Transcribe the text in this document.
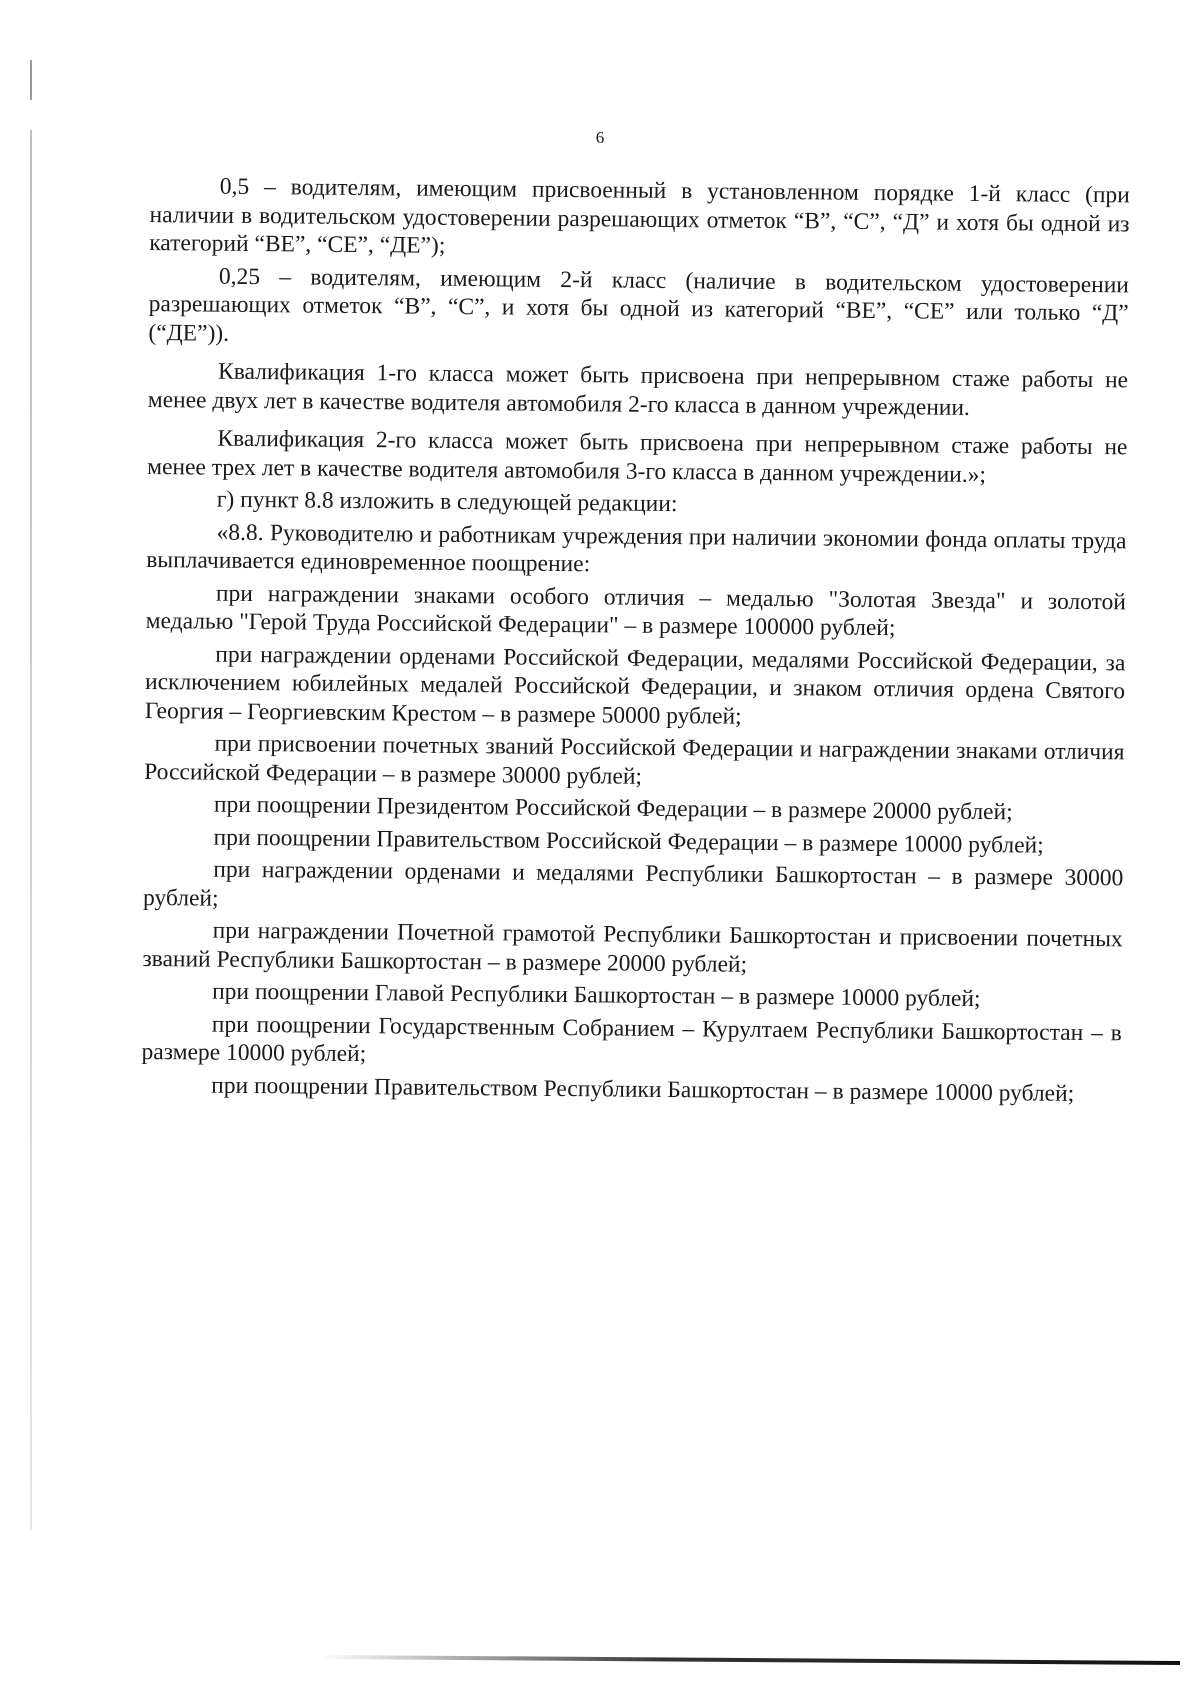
6

0,5 – водителям, имеющим присвоенный в установленном порядке 1-й класс (при наличии в водительском удостоверении разрешающих отметок “В”, “С”, “Д” и хотя бы одной из категорий “ВЕ”, “СЕ”, “ДЕ”);

0,25 – водителям, имеющим 2-й класс (наличие в водительском удостоверении разрешающих отметок “В”, “С”, и хотя бы одной из категорий “ВЕ”, “СЕ” или только “Д” (“ДЕ”)).

Квалификация 1-го класса может быть присвоена при непрерывном стаже работы не менее двух лет в качестве водителя автомобиля 2-го класса в данном учреждении.

Квалификация 2-го класса может быть присвоена при непрерывном стаже работы не менее трех лет в качестве водителя автомобиля 3-го класса в данном учреждении.»;

г) пункт 8.8 изложить в следующей редакции:

«8.8. Руководителю и работникам учреждения при наличии экономии фонда оплаты труда выплачивается единовременное поощрение:

при награждении знаками особого отличия – медалью "Золотая Звезда" и золотой медалью "Герой Труда Российской Федерации" – в размере 100000 рублей;

при награждении орденами Российской Федерации, медалями Российской Федерации, за исключением юбилейных медалей Российской Федерации, и знаком отличия ордена Святого Георгия – Георгиевским Крестом – в размере 50000 рублей;

при присвоении почетных званий Российской Федерации и награждении знаками отличия Российской Федерации – в размере 30000 рублей;

при поощрении Президентом Российской Федерации – в размере 20000 рублей;

при поощрении Правительством Российской Федерации – в размере 10000 рублей;

при награждении орденами и медалями Республики Башкортостан – в размере 30000 рублей;

при награждении Почетной грамотой Республики Башкортостан и присвоении почетных званий Республики Башкортостан – в размере 20000 рублей;

при поощрении Главой Республики Башкортостан – в размере 10000 рублей;

при поощрении Государственным Собранием – Курултаем Республики Башкортостан – в размере 10000 рублей;

при поощрении Правительством Республики Башкортостан – в размере 10000 рублей;
